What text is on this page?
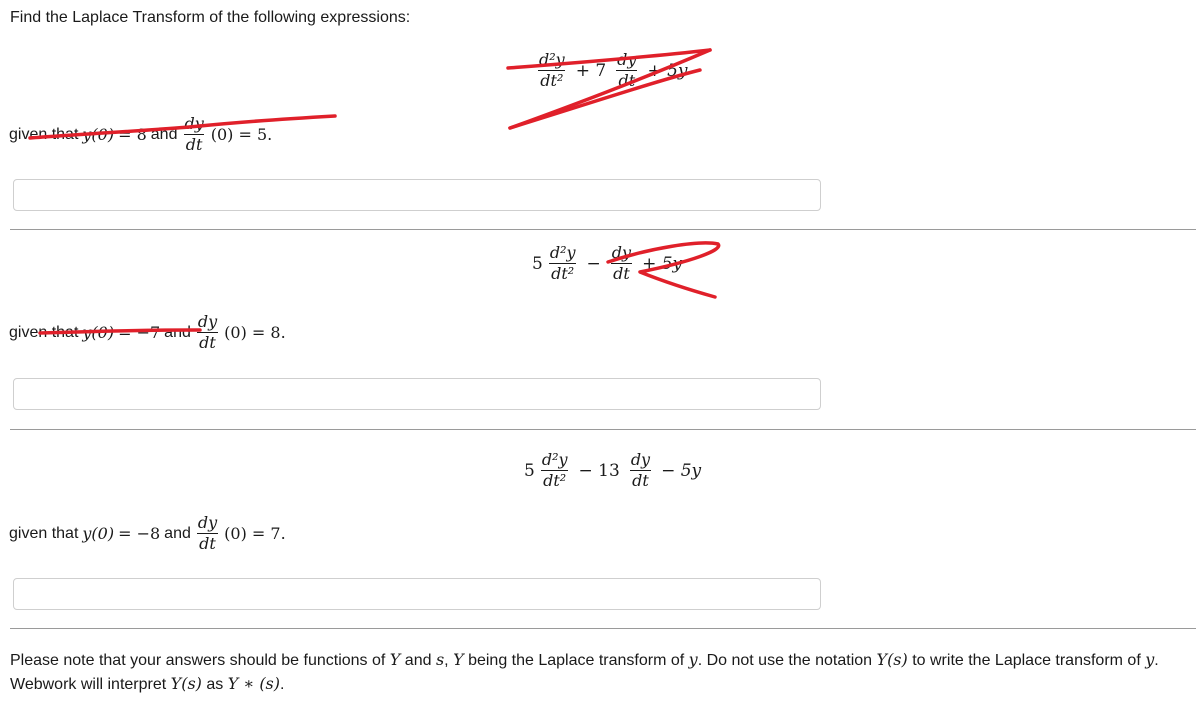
Find the Laplace Transform of the following expressions:
$\frac{\text{d²y}}{\text{dt²}} + 7 \frac{dy}{dt} + 5y$
given that y(0) = 8 and $\frac{dy}{dt} (0) = 5$.
$5 \frac{\text{d²y}}{\text{dt²}} - \frac{dy}{dt} + 5y$
given that y(0) = −7 and $\frac{dy}{dt} (0) = 8$.
$5 \frac{\text{d²y}}{\text{dt²}} - 13 \frac{dy}{dt} - 5y$
given that y(0) = −8 and $\frac{dy}{dt} (0) = 7$.
Please note that your answers should be functions of Y and s, Y being the Laplace transform of y. Do not use the notation Y(s) to write the Laplace transform of y. Webwork will interpret Y(s) as Y ∗ (s).
